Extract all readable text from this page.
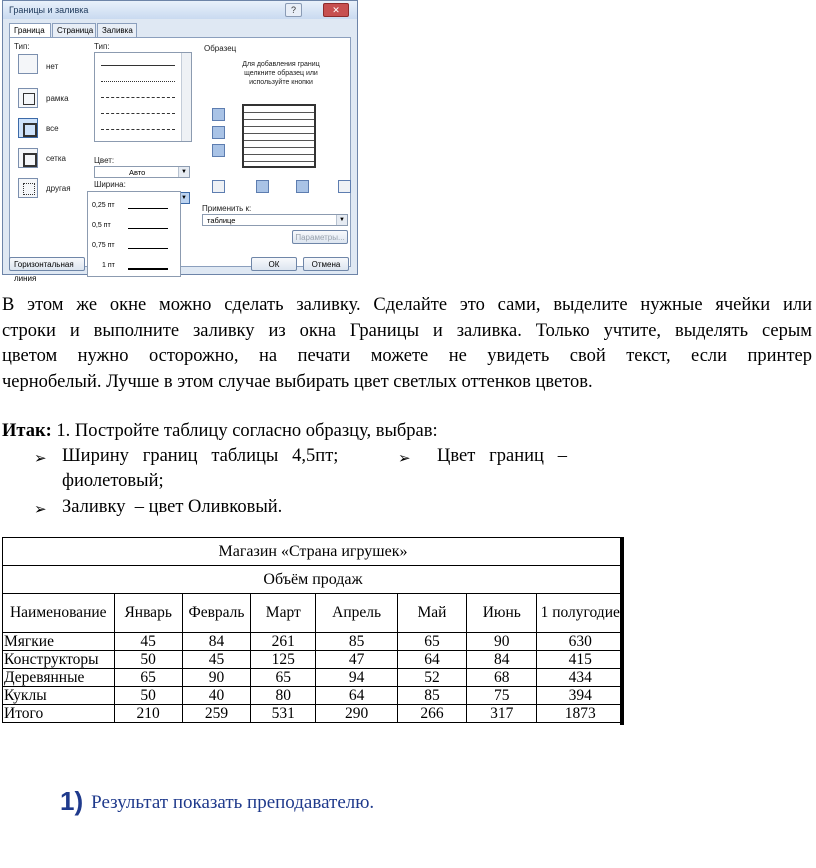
Границы и заливка	?	✕
Граница	Страница	Заливка
Тип:
нет
рамка
все
сетка
другая
Тип:
Цвет:
Авто	▼
Ширина:
▼
Образец
Для добавления границ щелкните образец или используйте кнопки
Применить к:
таблице	▼
Параметры...
Горизонтальная линия
ОК	Отмена
0,25 пт
0,5 пт
0,75 пт
1 пт
В этом же окне можно сделать заливку. Сделайте это сами, выделите нужные ячейки или
строки и выполните заливку из окна Границы и заливка. Только учтите, выделять серым
цветом нужно осторожно, на печати можете не увидеть свой текст, если принтер
чернобелый. Лучше в этом случае выбирать цвет светлых оттенков цветов.
Итак: 1. Постройте таблицу согласно образцу, выбрав:
➢ Ширину   границ   таблицы   4,5пт;	➢ Цвет   границ   –
фиолетовый;
➢ Заливку  – цвет Оливковый.
Магазин «Страна игрушек»							
Объём продаж							
Наименование	Январь	Февраль	Март	Апрель	Май	Июнь	1 полугодие
Мягкие	45	84	261	85	65	90	630
Конструкторы	50	45	125	47	64	84	415
Деревянные	65	90	65	94	52	68	434
Куклы	50	40	80	64	85	75	394
Итого	210	259	531	290	266	317	1873
1) Результат показать преподавателю.
